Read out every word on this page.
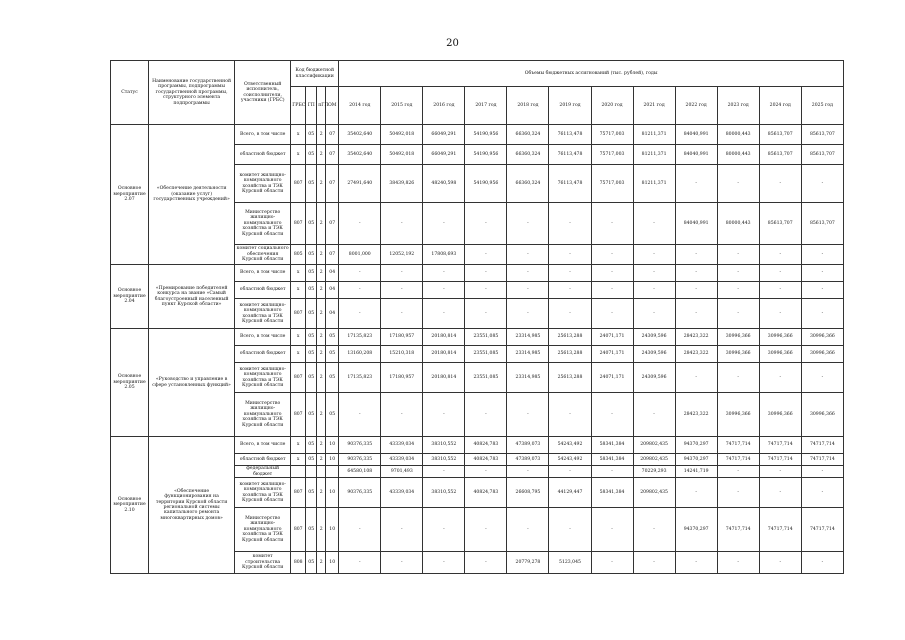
20
Статус	Наименование государственной программы, подпрограммы государственной программы, структурного элемента подпрограммы	Ответственный исполнитель, соисполнители, участники (ГРБС)	Код бюджетной классификации				Объемы бюджетных ассигнований (тыс. рублей), годы											
			ГРБС	ГП	пГП	ОМ	2014 год	2015 год	2016 год	2017 год	2018 год	2019 год	2020 год	2021 год	2022 год	2023 год	2024 год	2025 год
Основное мероприятие 2.07	«Обеспечение деятельности (оказание услуг) государственных учреждений»	Всего, в том числе	х	05	2	07	35402,640	50492,018	66049,291	54190,956	66360,324	76113,478	75717,003	81211,371	84040,991	80000,443	85613,707	85613,707
		областной бюджет	х	05	2	07	35402,640	50492,018	66049,291	54190,956	66360,324	76113,478	75717,003	81211,371	84040,991	80000,443	85613,707	85613,707
		комитет жилищно-коммунального хозяйства и ТЭК Курской области	807	05	2	07	27491,640	38439,826	48240,598	54190,956	66360,324	76113,478	75717,003	81211,371	-	-	-	-
		Министерство жилищно-коммунального хозяйства и ТЭК Курской области	807	05	2	07	-	-	-	-	-	-	-	-	84040,991	80000,443	85613,707	85613,707
		комитет социального обеспечения Курской области	805	05	2	07	8001,000	12052,192	17808,693	-	-	-	-	-	-	-	-	-
Основное мероприятие 2.04	«Премирование победителей конкурса на звание «Самый благоустроенный населенный пункт Курской области»	Всего, в том числе	х	05	2	04	-	-	-	-	-	-	-	-	-	-	-	-
		областной бюджет	х	05	2	04	-	-	-	-	-	-	-	-	-	-	-	-
		комитет жилищно-коммунального хозяйства и ТЭК Курской области	807	05	2	04	-	-	-	-	-	-	-	-	-	-	-	-
Основное мероприятие 2.05	«Руководство и управление в сфере установленных функций»	Всего, в том числе	х	05	2	05	17135,823	17180,957	20180,814	23551,085	23314,985	25613,288	24071,171	24309,596	28423,322	30996,366	30996,366	30996,366
		областной бюджет	х	05	2	05	13160,208	15210,318	20180,814	23551,085	23314,985	25613,288	24071,171	24309,596	28423,322	30996,366	30996,366	30996,366
		комитет жилищно-коммунального хозяйства и ТЭК Курской области	807	05	2	05	17135,823	17180,957	20180,814	23551,085	23314,985	25613,288	24071,171	24309,596	-	-	-	-
		Министерство жилищно-коммунального хозяйства и ТЭК Курской области	807	05	2	05	-	-	-	-	-	-	-	-	28423,322	30996,366	30996,366	30996,366
Основное мероприятие 2.10	«Обеспечение функционирования на территории Курской области региональной системы капитального ремонта многоквартирных домов»	Всего, в том числе	х	05	2	10	90376,335	43339,034	38310,552	40824,783	47389,073	54243,492	58341,384	209802,435	94370,297	74717,714	74717,714	74717,714
		областной бюджет	х	05	2	10	90376,335	43339,034	38310,552	40824,783	47389,073	54243,492	58341,384	209802,435	94370,297	74717,714	74717,714	74717,714
		федеральный бюджет					64580,108	9701,493	-	-	-	-	-	70229,293	14241,719	-	-	-
		комитет жилищно-коммунального хозяйства и ТЭК Курской области	807	05	2	10	90376,335	43339,034	38310,552	40824,783	26608,795	44129,447	58341,384	209802,435	-	-	-	-
		Министерство жилищно-коммунального хозяйства и ТЭК Курской области	807	05	2	10	-	-	-	-	-	-	-	-	94370,297	74717,714	74717,714	74717,714
		комитет строительства Курской области	808	05	2	10	-	-	-	-	20779,278	5123,045	-	-	-	-	-	-
